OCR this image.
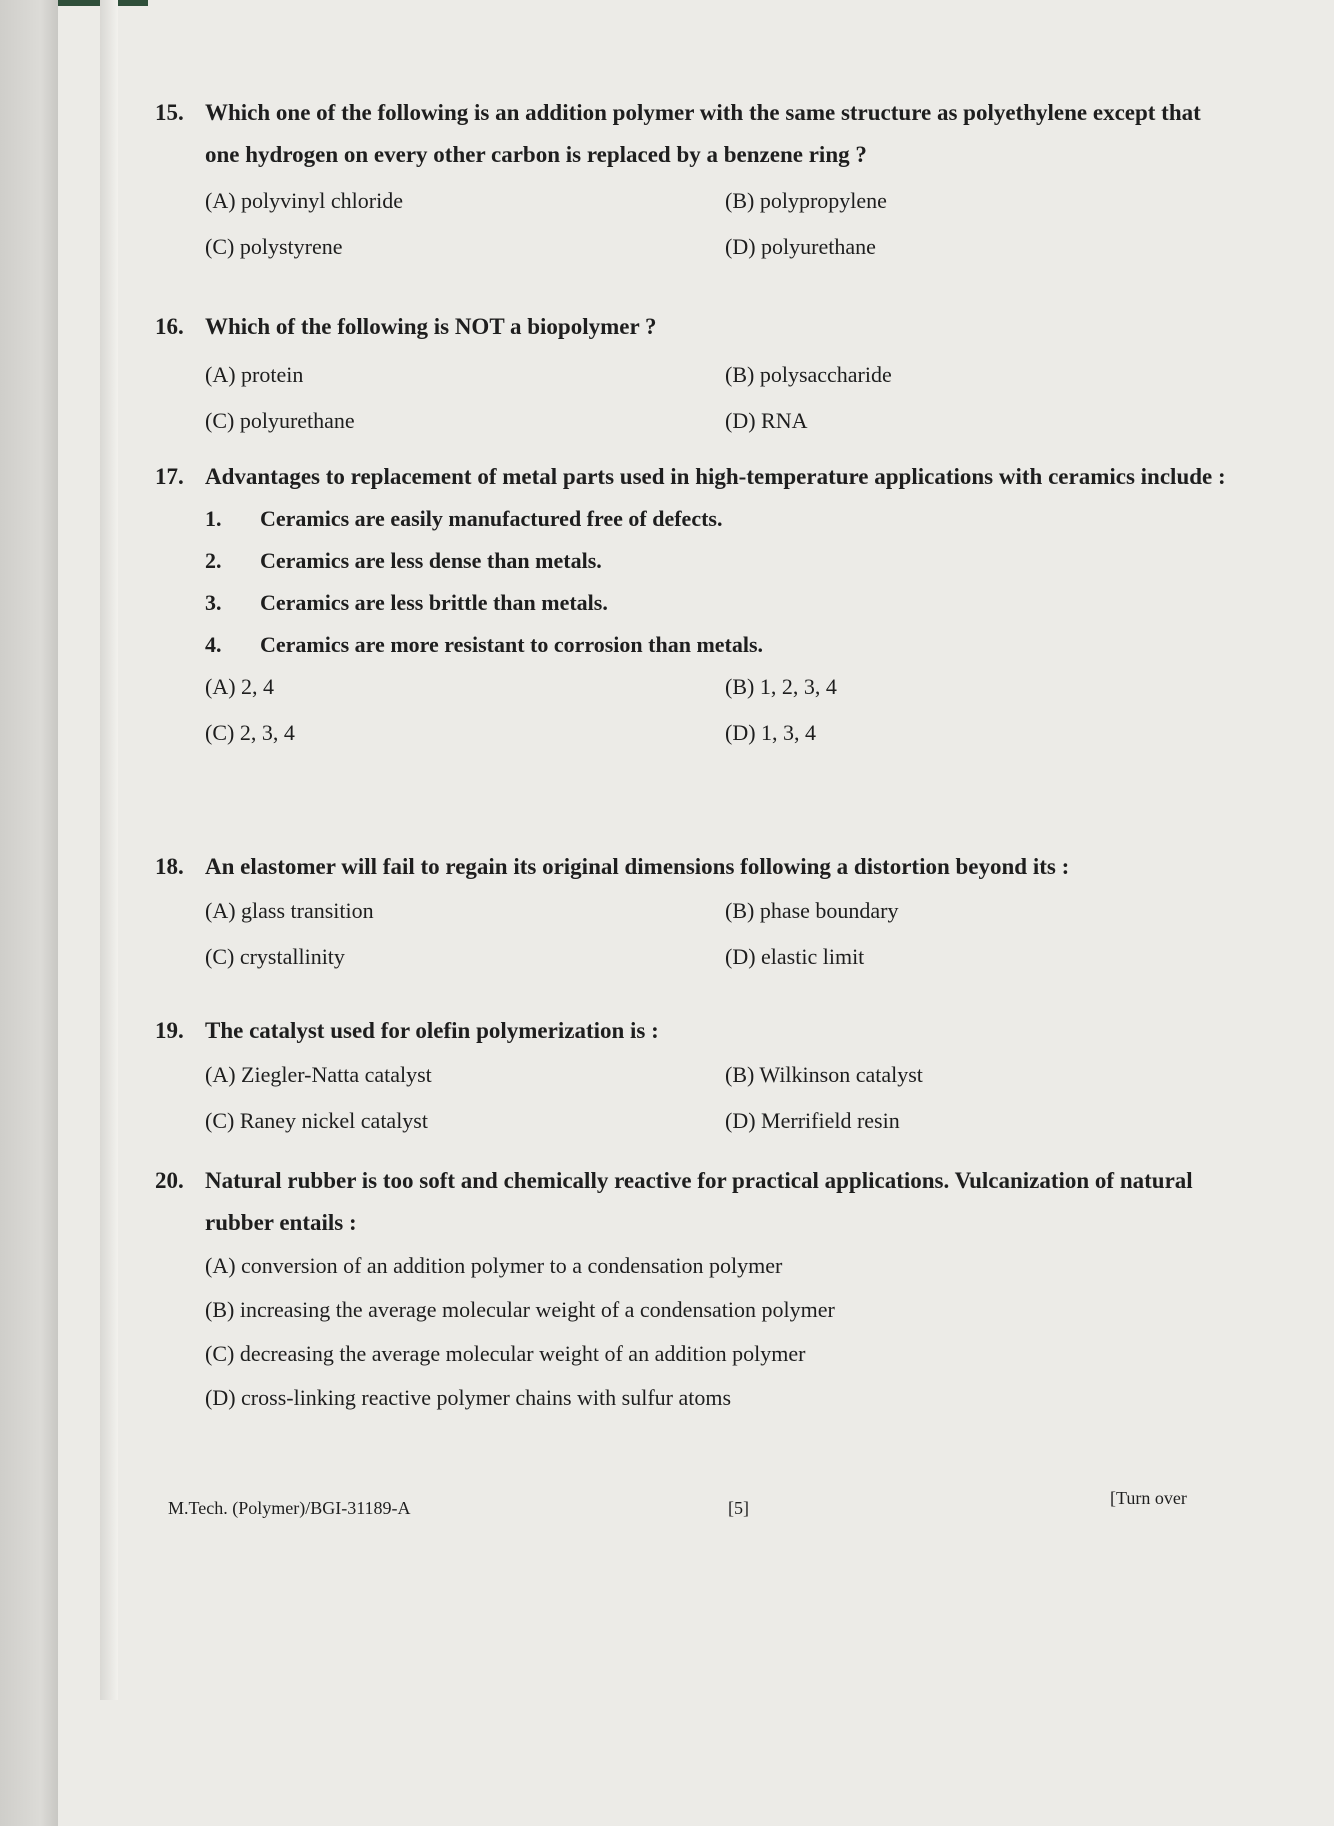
15. Which one of the following is an addition polymer with the same structure as polyethylene except that one hydrogen on every other carbon is replaced by a benzene ring ?
(A) polyvinyl chloride	(B) polypropylene
(C) polystyrene	(D) polyurethane
16. Which of the following is NOT a biopolymer ?
(A) protein	(B) polysaccharide
(C) polyurethane	(D) RNA
17. Advantages to replacement of metal parts used in high-temperature applications with ceramics include :
1.	Ceramics are easily manufactured free of defects.
2.	Ceramics are less dense than metals.
3.	Ceramics are less brittle than metals.
4.	Ceramics are more resistant to corrosion than metals.
(A) 2, 4	(B) 1, 2, 3, 4
(C) 2, 3, 4	(D) 1, 3, 4
18. An elastomer will fail to regain its original dimensions following a distortion beyond its :
(A) glass transition	(B) phase boundary
(C) crystallinity	(D) elastic limit
19. The catalyst used for olefin polymerization is :
(A) Ziegler-Natta catalyst	(B) Wilkinson catalyst
(C) Raney nickel catalyst	(D) Merrifield resin
20. Natural rubber is too soft and chemically reactive for practical applications. Vulcanization of natural rubber entails :
(A) conversion of an addition polymer to a condensation polymer
(B) increasing the average molecular weight of a condensation polymer
(C) decreasing the average molecular weight of an addition polymer
(D) cross-linking reactive polymer chains with sulfur atoms
M.Tech. (Polymer)/BGI-31189-A	[5]	[Turn over
